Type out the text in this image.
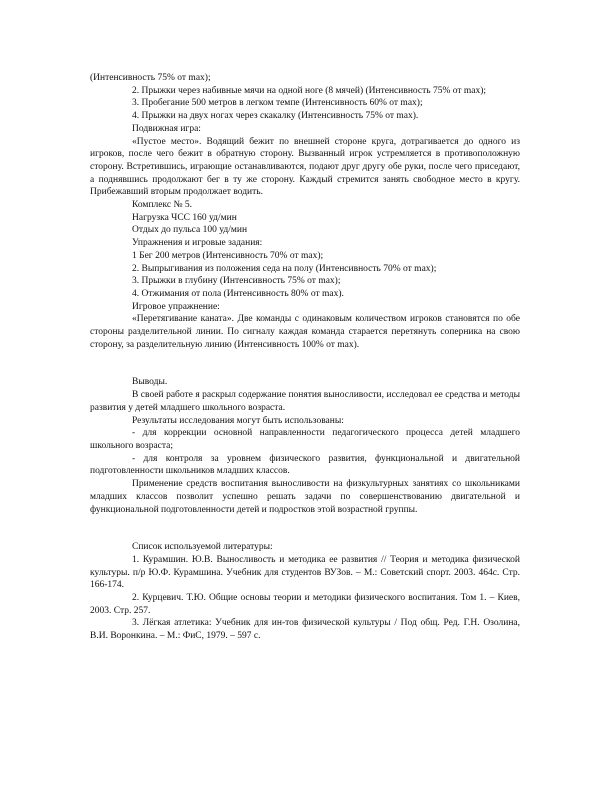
(Интенсивность 75% от max);

2. Прыжки через набивные мячи на одной ноге (8 мячей) (Интенсивность 75% от max);

3. Пробегание 500 метров в легком темпе (Интенсивность 60% от max);

4. Прыжки на двух ногах через скакалку (Интенсивность 75% от max).

Подвижная игра:

«Пустое место». Водящий бежит по внешней стороне круга, дотрагивается до одного из игроков, после чего бежит в обратную сторону. Вызванный игрок устремляется в противоположную сторону. Встретившись, играющие останавливаются, подают друг другу обе руки, после чего приседают, а поднявшись продолжают бег в ту же сторону. Каждый стремится занять свободное место в кругу. Прибежавший вторым продолжает водить.

Комплекс № 5.

Нагрузка ЧСС 160 уд/мин

Отдых до пульса 100 уд/мин

Упражнения и игровые задания:

1 Бег 200 метров (Интенсивность 70% от max);

2. Выпрыгивания из положения седа на полу (Интенсивность 70% от max);

3. Прыжки в глубину (Интенсивность 75% от max);

4. Отжимания от пола (Интенсивность 80% от max).

Игровое упражнение:

«Перетягивание каната». Две команды с одинаковым количеством игроков становятся по обе стороны разделительной линии. По сигналу каждая команда старается перетянуть соперника на свою сторону, за разделительную линию (Интенсивность 100% от max).

Выводы.

В своей работе я раскрыл содержание понятия выносливости, исследовал ее средства и методы развития у детей младшего школьного возраста.

Результаты исследования могут быть использованы:

- для коррекции основной направленности педагогического процесса детей младшего школьного возраста;

- для контроля за уровнем физического развития, функциональной и двигательной подготовленности школьников младших классов.

Применение средств воспитания выносливости на физкультурных занятиях со школьниками младших классов позволит успешно решать задачи по совершенствованию двигательной и функциональной подготовленности детей и подростков этой возрастной группы.

Список используемой литературы:

1. Курамшин. Ю.В. Выносливость и методика ее развития // Теория и методика физической культуры. п/р Ю.Ф. Курамшина. Учебник для студентов ВУЗов. – М.: Советский спорт. 2003. 464с. Стр. 166-174.

2. Курцевич. Т.Ю. Общие основы теории и методики физического воспитания. Том 1. – Киев, 2003. Стр. 257.

3. Лёгкая атлетика: Учебник для ин-тов физической культуры / Под общ. Ред. Г.Н. Озолина, В.И. Воронкина. – М.: ФиС, 1979. – 597 с.
